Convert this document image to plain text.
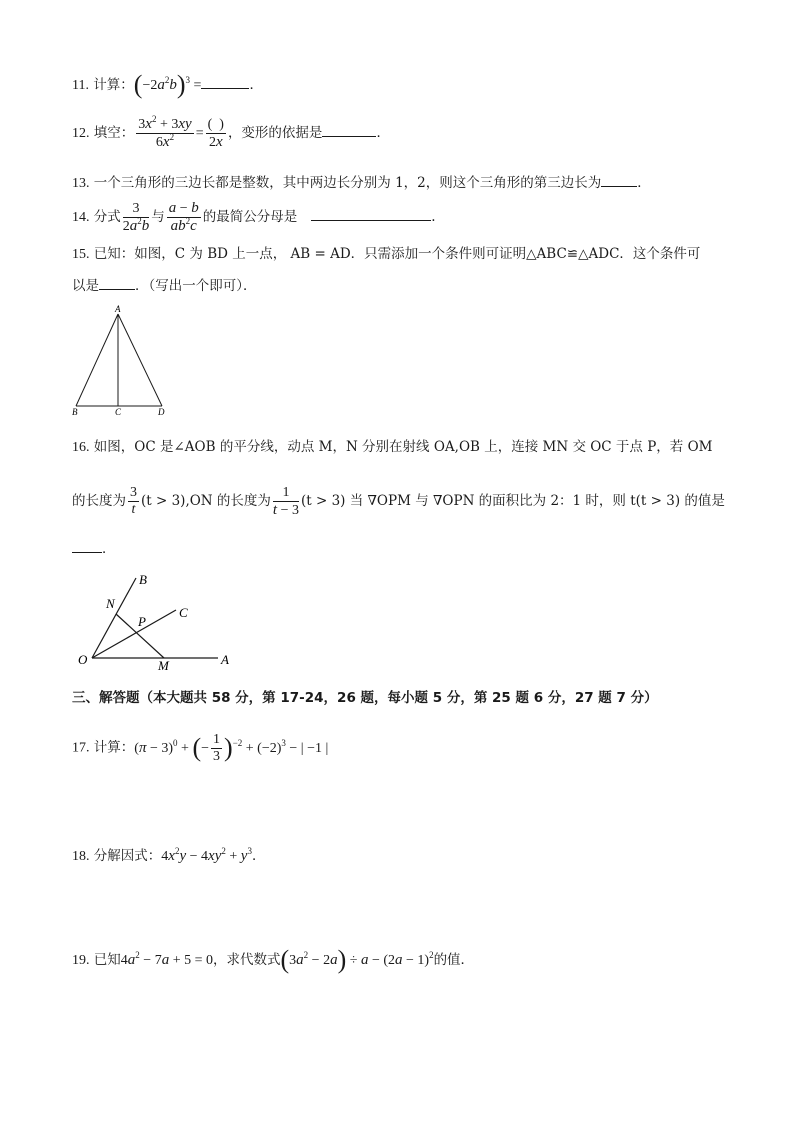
11. 计算：$(-2a^2b)^3$ =	．
12. 填空： $\frac{3x^2 + 3xy}{6x^2} = \frac{( )}{2x}$ ，变形的依据是	．
13. 一个三角形的三边长都是整数，其中两边长分别为 1，2，则这个三角形的第三边长为	．
14. 分式 $\frac{3}{2a^2b}$ 与 $\frac{a - b}{ab^2c}$ 的最简公分母是	.
15. 已知：如图，C 为 BD 上一点， AB = AD．只需添加一个条件则可证明△ABC≌△ADC．这个条件可
以是	．（写出一个即可）．
A
B	C	D
16. 如图，OC 是∠AOB 的平分线，动点 M，N 分别在射线 OA,OB 上，连接 MN 交 OC 于点 P，若 OM
的长度为 $\frac{3}{t} (t > 3),ON$ 的长度为 $\frac{1}{t - 3} (t > 3)$ 当 ∇OPM 与 ∇OPN 的面积比为 2：1 时，则 t(t > 3) 的值是
．
B
N
P
C
O	M	A
三、解答题（本大题共 58 分，第 17-24，26 题，每小题 5 分，第 25 题 6 分，27 题 7 分）
17. 计算：$(\pi - 3)^0$ + (− $\frac{1}{3} )^{-2} + (-2)^3$ − | −1 |
18. 分解因式：$4x^2y - 4xy^2 + y^3$．
19. 已知$4a^2 - 7a + 5 = 0$，求代数式$(3a^2 - 2a) \div a - (2a - 1)^2$的值．
